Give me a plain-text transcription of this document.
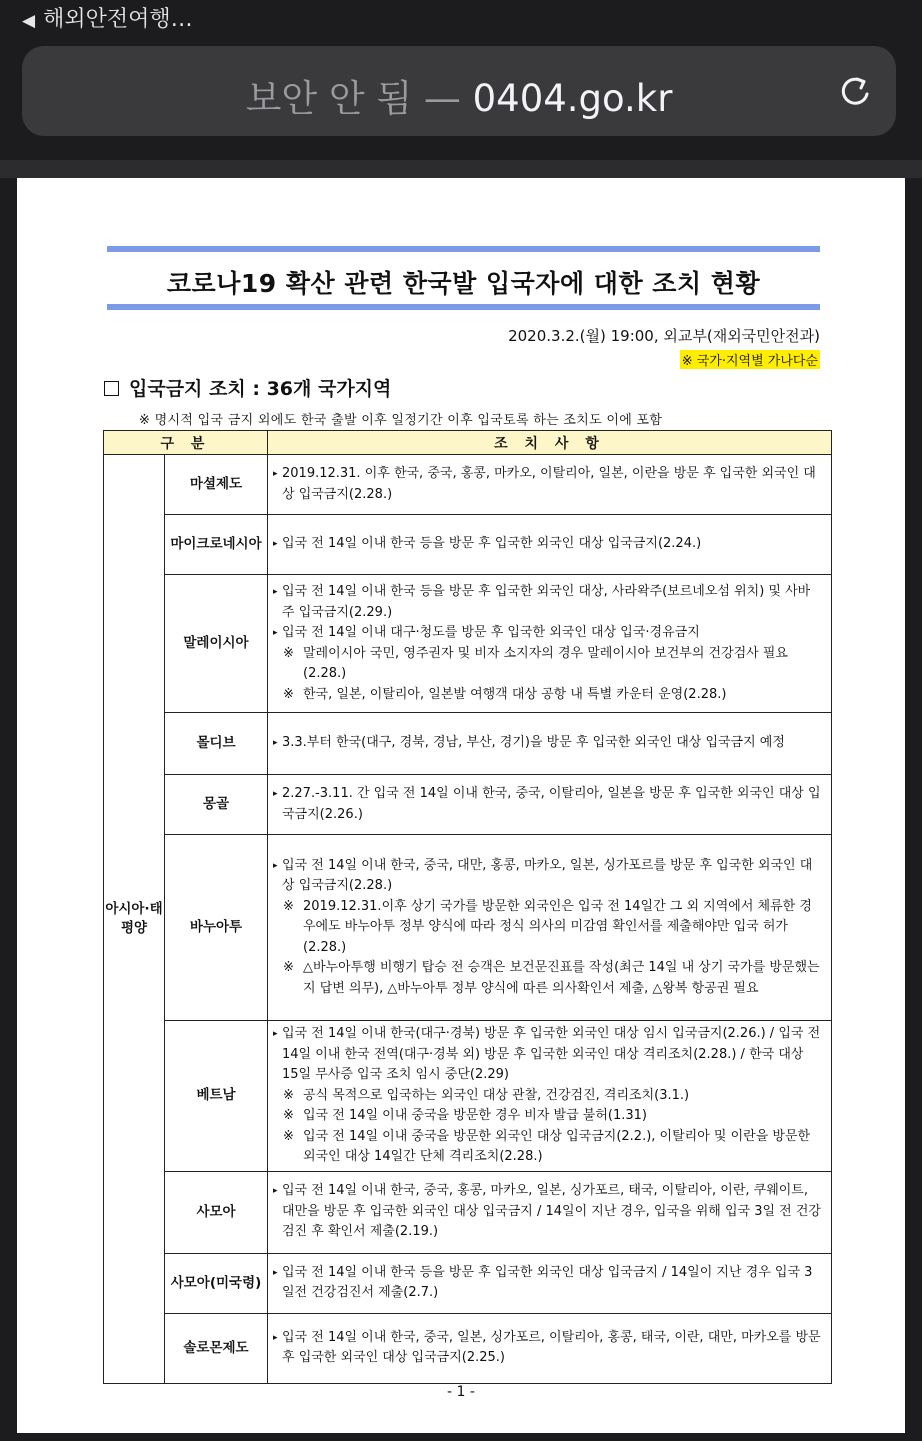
◀ 해외안전여행…
보안 안 됨 — 0404.go.kr
코로나19 확산 관련 한국발 입국자에 대한 조치 현황
2020.3.2.(월) 19:00, 외교부(재외국민안전과)
※ 국가·지역별 가나다순
입국금지 조치 : 36개 국가지역
※ 명시적 입국 금지 외에도 한국 출발 이후 일정기간 이후 입국토록 하는 조치도 이에 포함
구 분		조 치 사 항
아시아·태평양	마셜제도	▸ 2019.12.31. 이후 한국, 중국, 홍콩, 마카오, 이탈리아, 일본, 이란을 방문 후 입국한 외국인 대상 입국금지(2.28.)

	마이크로네시아	▸ 입국 전 14일 이내 한국 등을 방문 후 입국한 외국인 대상 입국금지(2.24.)

	말레이시아	▸ 입국 전 14일 이내 한국 등을 방문 후 입국한 외국인 대상, 사라왁주(보르네오섬 위치) 및 사바주 입국금지(2.29.)
▸ 입국 전 14일 이내 대구·청도를 방문 후 입국한 외국인 대상 입국·경유금지
※ 말레이시아 국민, 영주권자 및 비자 소지자의 경우 말레이시아 보건부의 건강검사 필요(2.28.)
※ 한국, 일본, 이탈리아, 일본발 여행객 대상 공항 내 특별 카운터 운영(2.28.)

	몰디브	▸ 3.3.부터 한국(대구, 경북, 경남, 부산, 경기)을 방문 후 입국한 외국인 대상 입국금지 예정

	몽골	▸ 2.27.-3.11. 간 입국 전 14일 이내 한국, 중국, 이탈리아, 일본을 방문 후 입국한 외국인 대상 입국금지(2.26.)

	바누아투	▸ 입국 전 14일 이내 한국, 중국, 대만, 홍콩, 마카오, 일본, 싱가포르를 방문 후 입국한 외국인 대상 입국금지(2.28.)
※ 2019.12.31.이후 상기 국가를 방문한 외국인은 입국 전 14일간 그 외 지역에서 체류한 경우에도 바누아투 정부 양식에 따라 정식 의사의 미감염 확인서를 제출해야만 입국 허가(2.28.)
※ △바누아투행 비행기 탑승 전 승객은 보건문진표를 작성(최근 14일 내 상기 국가를 방문했는지 답변 의무), △바누아투 정부 양식에 따른 의사확인서 제출, △왕복 항공권 필요

	베트남	▸ 입국 전 14일 이내 한국(대구·경북) 방문 후 입국한 외국인 대상 임시 입국금지(2.26.) / 입국 전 14일 이내 한국 전역(대구·경북 외) 방문 후 입국한 외국인 대상 격리조치(2.28.) / 한국 대상 15일 무사증 입국 조치 임시 중단(2.29)
※ 공식 목적으로 입국하는 외국인 대상 관찰, 건강검진, 격리조치(3.1.)
※ 입국 전 14일 이내 중국을 방문한 경우 비자 발급 불허(1.31)
※ 입국 전 14일 이내 중국을 방문한 외국인 대상 입국금지(2.2.), 이탈리아 및 이란을 방문한 외국인 대상 14일간 단체 격리조치(2.28.)

	사모아	▸ 입국 전 14일 이내 한국, 중국, 홍콩, 마카오, 일본, 싱가포르, 태국, 이탈리아, 이란, 쿠웨이트, 대만을 방문 후 입국한 외국인 대상 입국금지 / 14일이 지난 경우, 입국을 위해 입국 3일 전 건강검진 후 확인서 제출(2.19.)

	사모아(미국령)	▸ 입국 전 14일 이내 한국 등을 방문 후 입국한 외국인 대상 입국금지 / 14일이 지난 경우 입국 3일전 건강검진서 제출(2.7.)

	솔로몬제도	▸ 입국 전 14일 이내 한국, 중국, 일본, 싱가포르, 이탈리아, 홍콩, 태국, 이란, 대만, 마카오를 방문 후 입국한 외국인 대상 입국금지(2.25.)
- 1 -
